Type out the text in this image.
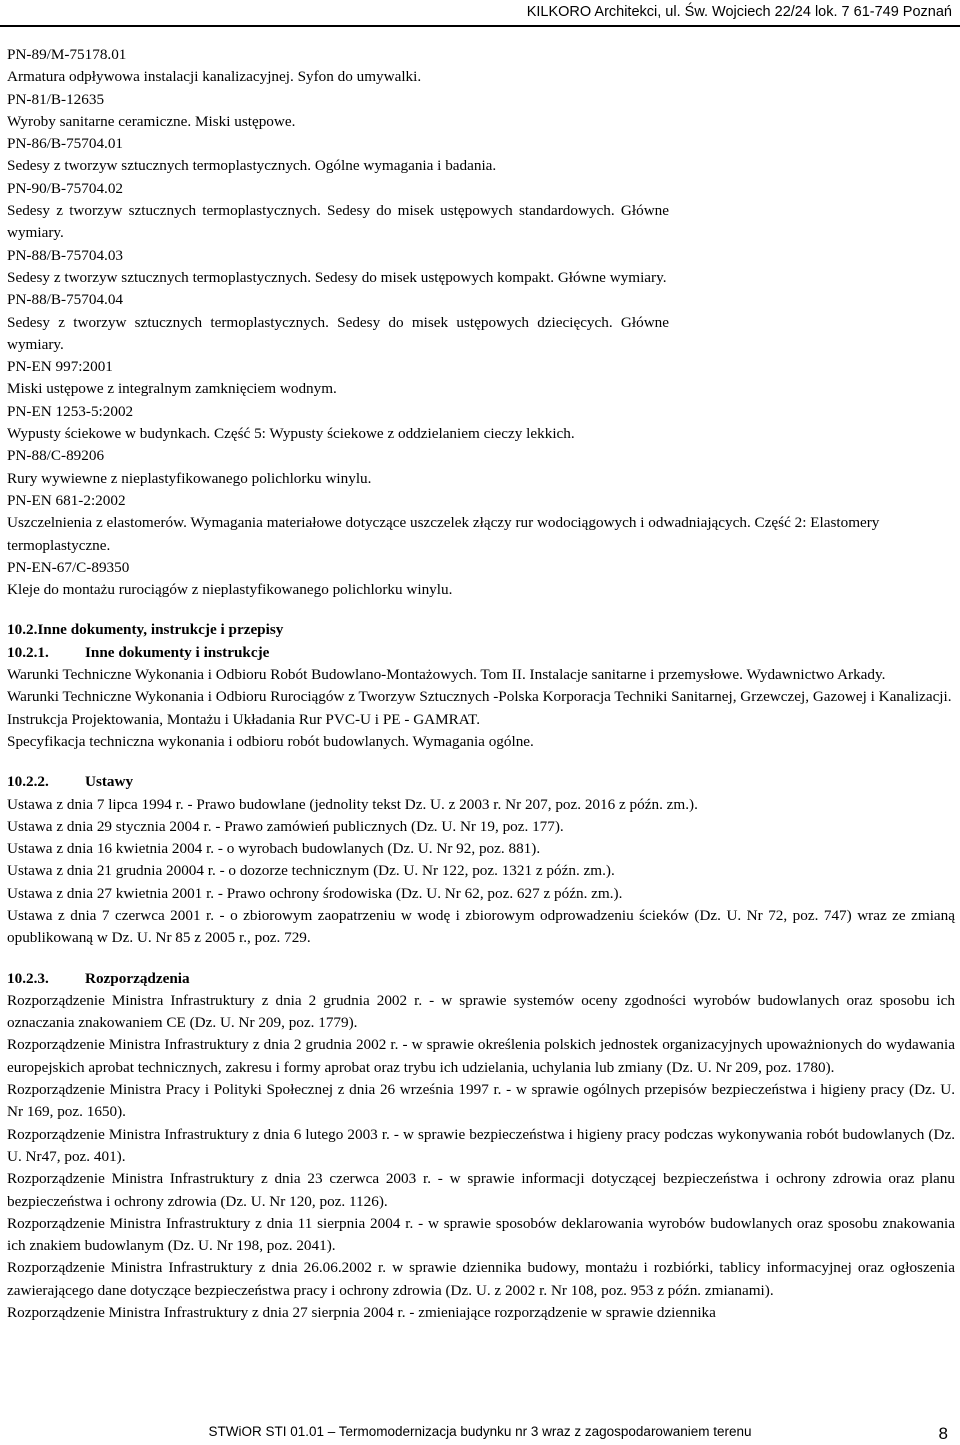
KILKORO Architekci, ul. Św. Wojciech 22/24 lok. 7 61-749 Poznań

PN-89/M-75178.01

Armatura odpływowa instalacji kanalizacyjnej. Syfon do umywalki.

PN-81/B-12635

Wyroby sanitarne ceramiczne. Miski ustępowe.

PN-86/B-75704.01

Sedesy z tworzyw sztucznych termoplastycznych. Ogólne wymagania i badania.

PN-90/B-75704.02

Sedesy z tworzyw sztucznych termoplastycznych. Sedesy do misek ustępowych standardowych. Główne wymiary.

PN-88/B-75704.03

Sedesy z tworzyw sztucznych termoplastycznych. Sedesy do misek ustępowych kompakt. Główne wymiary.

PN-88/B-75704.04

Sedesy z tworzyw sztucznych termoplastycznych. Sedesy do misek ustępowych dziecięcych. Główne wymiary.

PN-EN 997:2001

Miski ustępowe z integralnym zamknięciem wodnym.

PN-EN 1253-5:2002

Wypusty ściekowe w budynkach. Część 5: Wypusty ściekowe z oddzielaniem cieczy lekkich.

PN-88/C-89206

Rury wywiewne z nieplastyfikowanego polichlorku winylu.

PN-EN 681-2:2002

Uszczelnienia z elastomerów. Wymagania materiałowe dotyczące uszczelek złączy rur wodociągowych i odwadniających. Część 2: Elastomery termoplastyczne.

PN-EN-67/C-89350

Kleje do montażu rurociągów z nieplastyfikowanego polichlorku winylu.

10.2.Inne dokumenty, instrukcje i przepisy

10.2.1. Inne dokumenty i instrukcje

Warunki Techniczne Wykonania i Odbioru Robót Budowlano-Montażowych. Tom II. Instalacje sanitarne i przemysłowe. Wydawnictwo Arkady.

Warunki Techniczne Wykonania i Odbioru Rurociągów z Tworzyw Sztucznych -Polska Korporacja Techniki Sanitarnej, Grzewczej, Gazowej i Kanalizacji.

Instrukcja Projektowania, Montażu i Układania Rur PVC-U i PE - GAMRAT.

Specyfikacja techniczna wykonania i odbioru robót budowlanych. Wymagania ogólne.

10.2.2. Ustawy

Ustawa z dnia 7 lipca 1994 r. - Prawo budowlane (jednolity tekst Dz. U. z 2003 r. Nr 207, poz. 2016 z późn. zm.).

Ustawa z dnia 29 stycznia 2004 r. - Prawo zamówień publicznych (Dz. U. Nr 19, poz. 177).

Ustawa z dnia 16 kwietnia 2004 r. - o wyrobach budowlanych (Dz. U. Nr 92, poz. 881).

Ustawa z dnia 21 grudnia 20004 r. - o dozorze technicznym (Dz. U. Nr 122, poz. 1321 z późn. zm.).

Ustawa z dnia 27 kwietnia 2001 r. - Prawo ochrony środowiska (Dz. U. Nr 62, poz. 627 z późn. zm.).

Ustawa z dnia 7 czerwca 2001 r. - o zbiorowym zaopatrzeniu w wodę i zbiorowym odprowadzeniu ścieków (Dz. U. Nr 72, poz. 747) wraz ze zmianą opublikowaną w Dz. U. Nr 85 z 2005 r., poz. 729.

10.2.3. Rozporządzenia

Rozporządzenie Ministra Infrastruktury z dnia 2 grudnia 2002 r. - w sprawie systemów oceny zgodności wyrobów budowlanych oraz sposobu ich oznaczania znakowaniem CE (Dz. U. Nr 209, poz. 1779).

Rozporządzenie Ministra Infrastruktury z dnia 2 grudnia 2002 r. - w sprawie określenia polskich jednostek organizacyjnych upoważnionych do wydawania europejskich aprobat technicznych, zakresu i formy aprobat oraz trybu ich udzielania, uchylania lub zmiany (Dz. U. Nr 209, poz. 1780).

Rozporządzenie Ministra Pracy i Polityki Społecznej z dnia 26 września 1997 r. - w sprawie ogólnych przepisów bezpieczeństwa i higieny pracy (Dz. U. Nr 169, poz. 1650).

Rozporządzenie Ministra Infrastruktury z dnia 6 lutego 2003 r. - w sprawie bezpieczeństwa i higieny pracy podczas wykonywania robót budowlanych (Dz. U. Nr47, poz. 401).

Rozporządzenie Ministra Infrastruktury z dnia 23 czerwca 2003 r. - w sprawie informacji dotyczącej bezpieczeństwa i ochrony zdrowia oraz planu bezpieczeństwa i ochrony zdrowia (Dz. U. Nr 120, poz. 1126).

Rozporządzenie Ministra Infrastruktury z dnia 11 sierpnia 2004 r. - w sprawie sposobów deklarowania wyrobów budowlanych oraz sposobu znakowania ich znakiem budowlanym (Dz. U. Nr 198, poz. 2041).

Rozporządzenie Ministra Infrastruktury z dnia 26.06.2002 r. w sprawie dziennika budowy, montażu i rozbiórki, tablicy informacyjnej oraz ogłoszenia zawierającego dane dotyczące bezpieczeństwa pracy i ochrony zdrowia (Dz. U. z 2002 r. Nr 108, poz. 953 z późn. zmianami).

Rozporządzenie Ministra Infrastruktury z dnia 27 sierpnia 2004 r. - zmieniające rozporządzenie w sprawie dziennika

STWiOR STI 01.01 – Termomodernizacja budynku nr 3 wraz z zagospodarowaniem terenu	8
